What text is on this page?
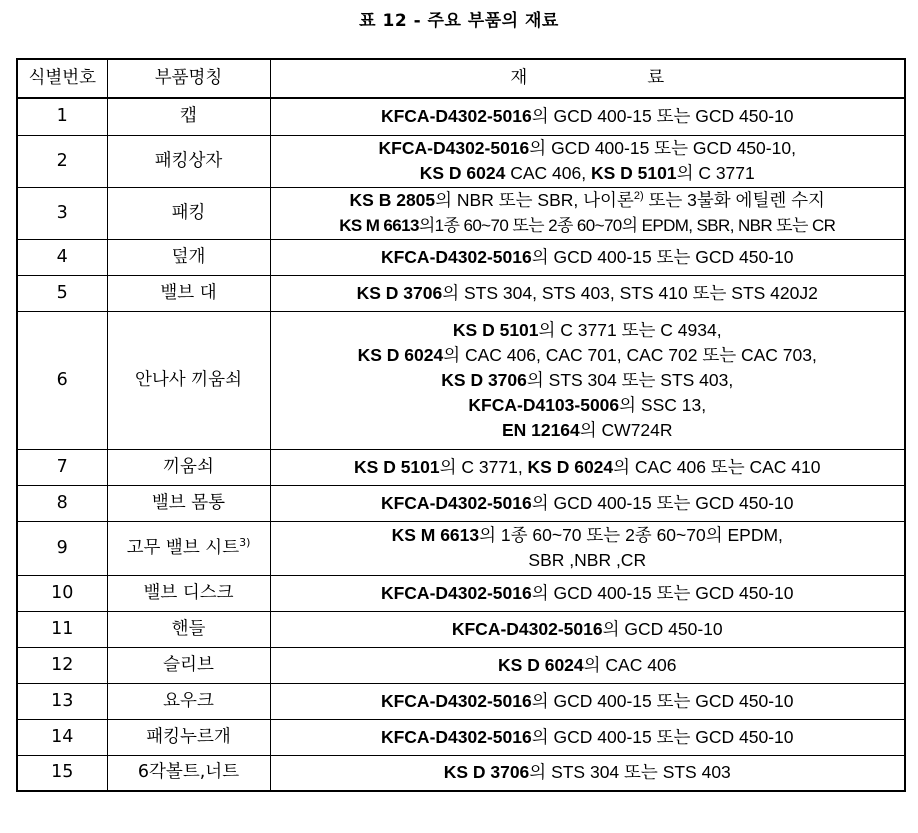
표 12 - 주요 부품의 재료
식별번호	부품명칭	재 료
1	캡	KFCA-D4302-5016의 GCD 400-15 또는 GCD 450-10

2	패킹상자	KFCA-D4302-5016의 GCD 400-15 또는 GCD 450-10,
KS D 6024 CAC 406, KS D 5101의 C 3771

3	패킹	KS B 2805의 NBR 또는 SBR, 나이론$^{2)}$ 또는 3불화 에틸렌 수지
KS M 6613의1종 60~70 또는 2종 60~70의 EPDM, SBR, NBR 또는 CR

4	덮개	KFCA-D4302-5016의 GCD 400-15 또는 GCD 450-10

5	밸브 대	KS D 3706의 STS 304, STS 403, STS 410 또는 STS 420J2

6	안나사 끼움쇠	KS D 5101의 C 3771 또는 C 4934,
KS D 6024의 CAC 406, CAC 701, CAC 702 또는 CAC 703,
KS D 3706의 STS 304 또는 STS 403,
KFCA-D4103-5006의 SSC 13,
EN 12164의 CW724R

7	끼움쇠	KS D 5101의 C 3771, KS D 6024의 CAC 406 또는 CAC 410

8	밸브 몸통	KFCA-D4302-5016의 GCD 400-15 또는 GCD 450-10

9	고무 밸브 시트$^{3)}$	KS M 6613의 1종 60~70 또는 2종 60~70의 EPDM,
SBR ,NBR ,CR

10	밸브 디스크	KFCA-D4302-5016의 GCD 400-15 또는 GCD 450-10

11	핸들	KFCA-D4302-5016의 GCD 450-10

12	슬리브	KS D 6024의 CAC 406

13	요우크	KFCA-D4302-5016의 GCD 400-15 또는 GCD 450-10

14	패킹누르개	KFCA-D4302-5016의 GCD 400-15 또는 GCD 450-10

15	6각볼트,너트	KS D 3706의 STS 304 또는 STS 403
